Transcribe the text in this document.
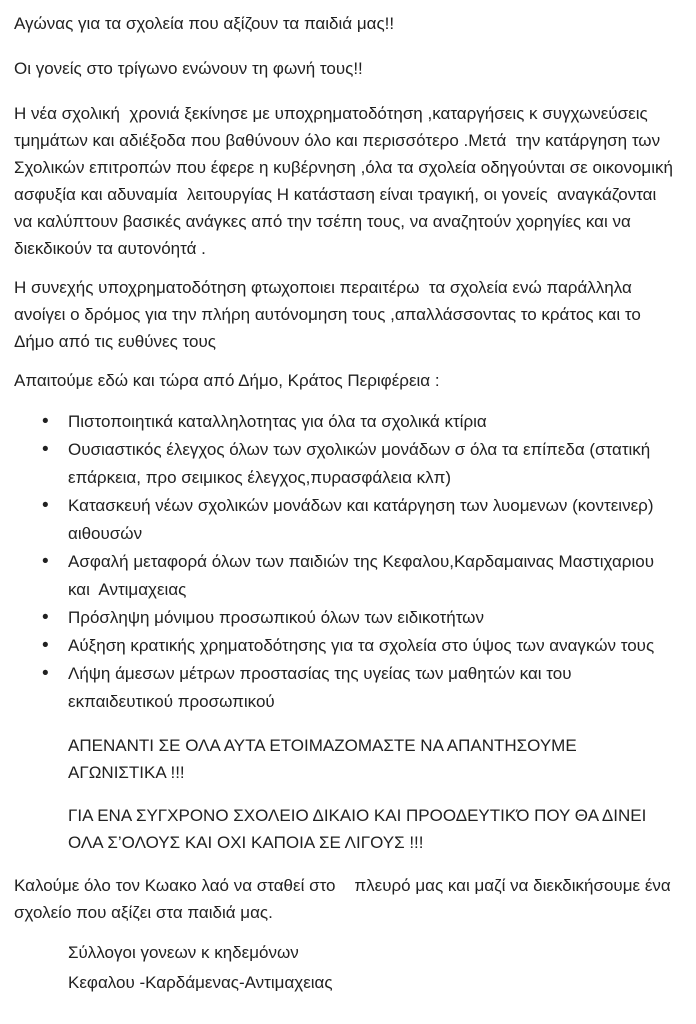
Αγώνας για τα σχολεία που αξίζουν τα παιδιά μας!!

Οι γονείς στο τρίγωνο ενώνουν τη φωνή τους!!

Η νέα σχολική  χρονιά ξεκίνησε με υποχρηματοδότηση ,καταργήσεις κ συγχωνεύσεις τμημάτων και αδιέξοδα που βαθύνουν όλο και περισσότερο .Μετά  την κατάργηση των Σχολικών επιτροπών που έφερε η κυβέρνηση ,όλα τα σχολεία οδηγούνται σε οικονομική ασφυξία και αδυναμία  λειτουργίας Η κατάσταση είναι τραγική, οι γονείς  αναγκάζονται να καλύπτουν βασικές ανάγκες από την τσέπη τους, να αναζητούν χορηγίες και να διεκδικούν τα αυτονόητά .

Η συνεχής υποχρηματοδότηση φτωχοποιει περαιτέρω  τα σχολεία ενώ παράλληλα ανοίγει ο δρόμος για την πλήρη αυτόνομηση τους ,απαλλάσσοντας το κράτος και το Δήμο από τις ευθύνες τους

Απαιτούμε εδώ και τώρα από Δήμο, Κράτος Περιφέρεια :

• Πιστοποιητικά καταλληλοτητας για όλα τα σχολικά κτίρια
• Ουσιαστικός έλεγχος όλων των σχολικών μονάδων σ όλα τα επίπεδα (στατική επάρκεια, προ σειμικος έλεγχος,πυρασφάλεια κλπ)
• Κατασκευή νέων σχολικών μονάδων και κατάργηση των λυομενων (κοντεινερ) αιθουσών
• Ασφαλή μεταφορά όλων των παιδιών της Κεφαλου,Καρδαμαινας Μαστιχαριου και  Αντιμαχειας
• Πρόσληψη μόνιμου προσωπικού όλων των ειδικοτήτων
• Αύξηση κρατικής χρηματοδότησης για τα σχολεία στο ύψος των αναγκών τους
• Λήψη άμεσων μέτρων προστασίας της υγείας των μαθητών και του εκπαιδευτικού προσωπικού

ΑΠΕΝΑΝΤΙ ΣΕ ΟΛΑ ΑΥΤΑ ΕΤΟΙΜΑΖΟΜΑΣΤΕ ΝΑ ΑΠΑΝΤΗΣΟΥΜΕ ΑΓΩΝΙΣΤΙΚΑ !!!

ΓΙΑ ΕΝΑ ΣΥΓΧΡΟΝΟ ΣΧΟΛΕΙΟ ΔΙΚΑΙΟ ΚΑΙ ΠΡΟΟΔΕΥΤΙΚΌ ΠΟΥ ΘΑ ΔΙΝΕΙ ΟΛΑ Σ’ΟΛΟΥΣ ΚΑΙ ΟΧΙ ΚΑΠΟΙΑ ΣΕ ΛΙΓΟΥΣ !!!

Καλούμε όλο τον Κωακο λαό να σταθεί στο    πλευρό μας και μαζί να διεκδικήσουμε ένα σχολείο που αξίζει στα παιδιά μας.

Σύλλογοι γονεων κ κηδεμόνων

Κεφαλου -Καρδάμενας-Αντιμαχειας
